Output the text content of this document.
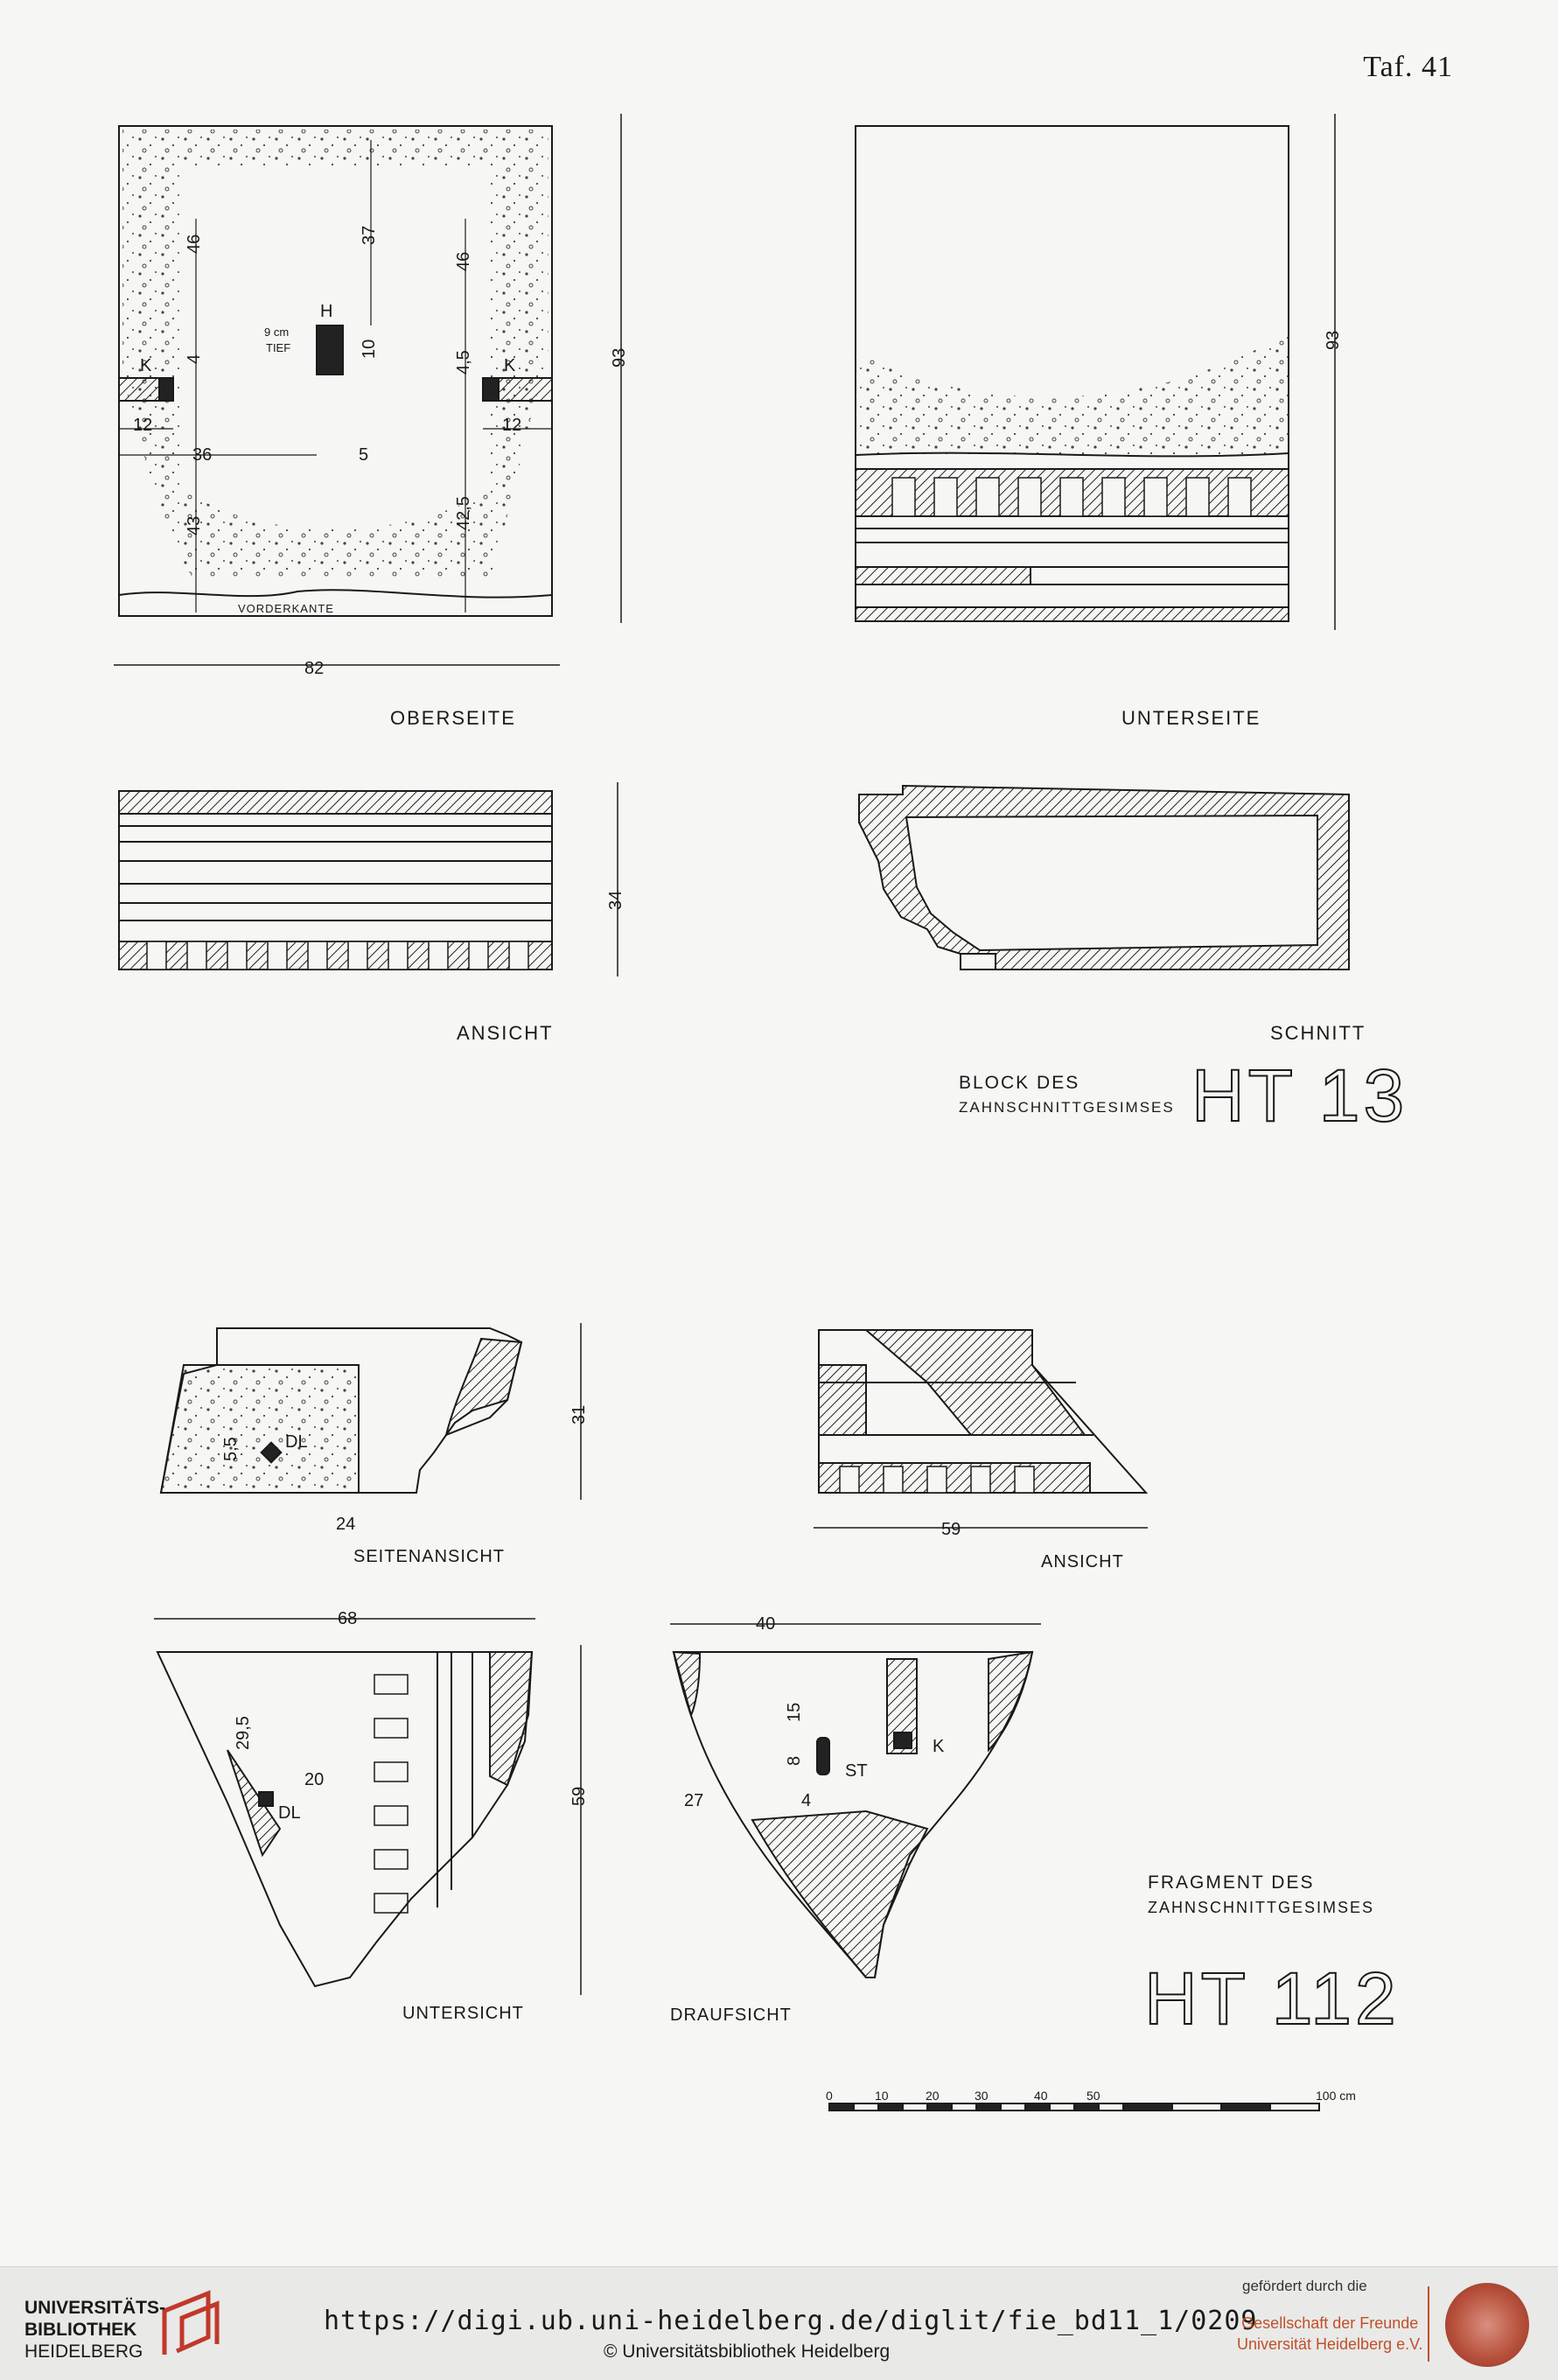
Taf. 41
82
93
93
34
46	37
10
4
46
4,5
12	12
36	5
43	42,5
H
9 cm
TIEF
K	K
VORDERKANTE
5,5	DL
24
31
59
68
29,5
20
DL
59
40
15
8
ST
K
27	4
0	10	20	30	40	50	100 cm
OBERSEITE	UNTERSEITE
ANSICHT	SCHNITT
BLOCK DES
ZAHNSCHNITTGESIMSES HT 13
SEITENANSICHT	ANSICHT
UNTERSICHT	DRAUFSICHT
FRAGMENT DES
ZAHNSCHNITTGESIMSES
HT 112
UNIVERSITÄTS-
BIBLIOTHEK
HEIDELBERG
https://digi.ub.uni-heidelberg.de/diglit/fie_bd11_1/0209
© Universitätsbibliothek Heidelberg
gefördert durch die
Gesellschaft der Freunde
Universität Heidelberg e.V.
